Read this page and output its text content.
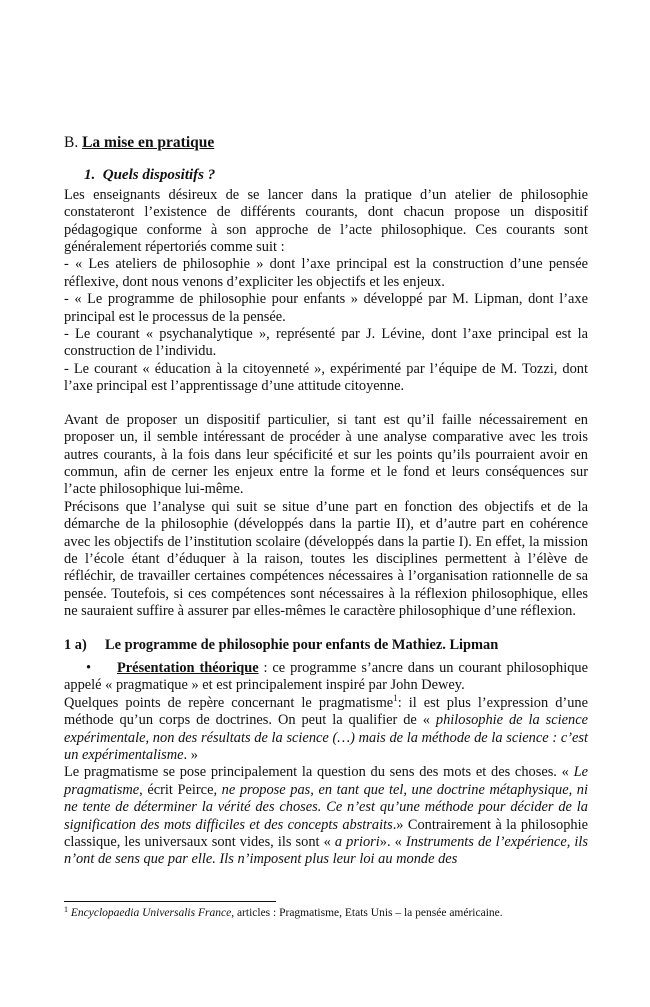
B. La mise en pratique

1. Quels dispositifs ?

Les enseignants désireux de se lancer dans la pratique d’un atelier de philosophie constateront l’existence de différents courants, dont chacun propose un dispositif pédagogique conforme à son approche de l’acte philosophique. Ces courants sont généralement répertoriés comme suit :

- « Les ateliers de philosophie » dont l’axe principal est la construction d’une pensée réflexive, dont nous venons d’expliciter les objectifs et les enjeux.

- « Le programme de philosophie pour enfants » développé par M. Lipman, dont l’axe principal est le processus de la pensée.

- Le courant « psychanalytique », représenté par J. Lévine, dont l’axe principal est la construction de l’individu.

- Le courant « éducation à la citoyenneté », expérimenté par l’équipe de M. Tozzi, dont l’axe principal est l’apprentissage d’une attitude citoyenne.

Avant de proposer un dispositif particulier, si tant est qu’il faille nécessairement en proposer un, il semble intéressant de procéder à une analyse comparative avec les trois autres courants, à la fois dans leur spécificité et sur les points qu’ils pourraient avoir en commun, afin de cerner les enjeux entre la forme et le fond et leurs conséquences sur l’acte philosophique lui-même.

Précisons que l’analyse qui suit se situe d’une part en fonction des objectifs et de la démarche de la philosophie (développés dans la partie II), et d’autre part en cohérence avec les objectifs de l’institution scolaire (développés dans la partie I). En effet, la mission de l’école étant d’éduquer à la raison, toutes les disciplines permettent à l’élève de réfléchir, de travailler certaines compétences nécessaires à l’organisation rationnelle de sa pensée. Toutefois, si ces compétences sont nécessaires à la réflexion philosophique, elles ne sauraient suffire à assurer par elles-mêmes le caractère philosophique d’une réflexion.

1 a) Le programme de philosophie pour enfants de Mathiez. Lipman

• Présentation théorique : ce programme s’ancre dans un courant philosophique appelé « pragmatique » et est principalement inspiré par John Dewey.

Quelques points de repère concernant le pragmatisme$^1$: il est plus l’expression d’une méthode qu’un corps de doctrines. On peut la qualifier de « philosophie de la science expérimentale, non des résultats de la science (…) mais de la méthode de la science : c’est un expérimentalisme. »

Le pragmatisme se pose principalement la question du sens des mots et des choses. « Le pragmatisme, écrit Peirce, ne propose pas, en tant que tel, une doctrine métaphysique, ni ne tente de déterminer la vérité des choses. Ce n’est qu’une méthode pour décider de la signification des mots difficiles et des concepts abstraits.» Contrairement à la philosophie classique, les universaux sont vides, ils sont « a priori». « Instruments de l’expérience, ils n’ont de sens que par elle. Ils n’imposent plus leur loi au monde des

$^1$ Encyclopaedia Universalis France, articles : Pragmatisme, Etats Unis – la pensée américaine.
